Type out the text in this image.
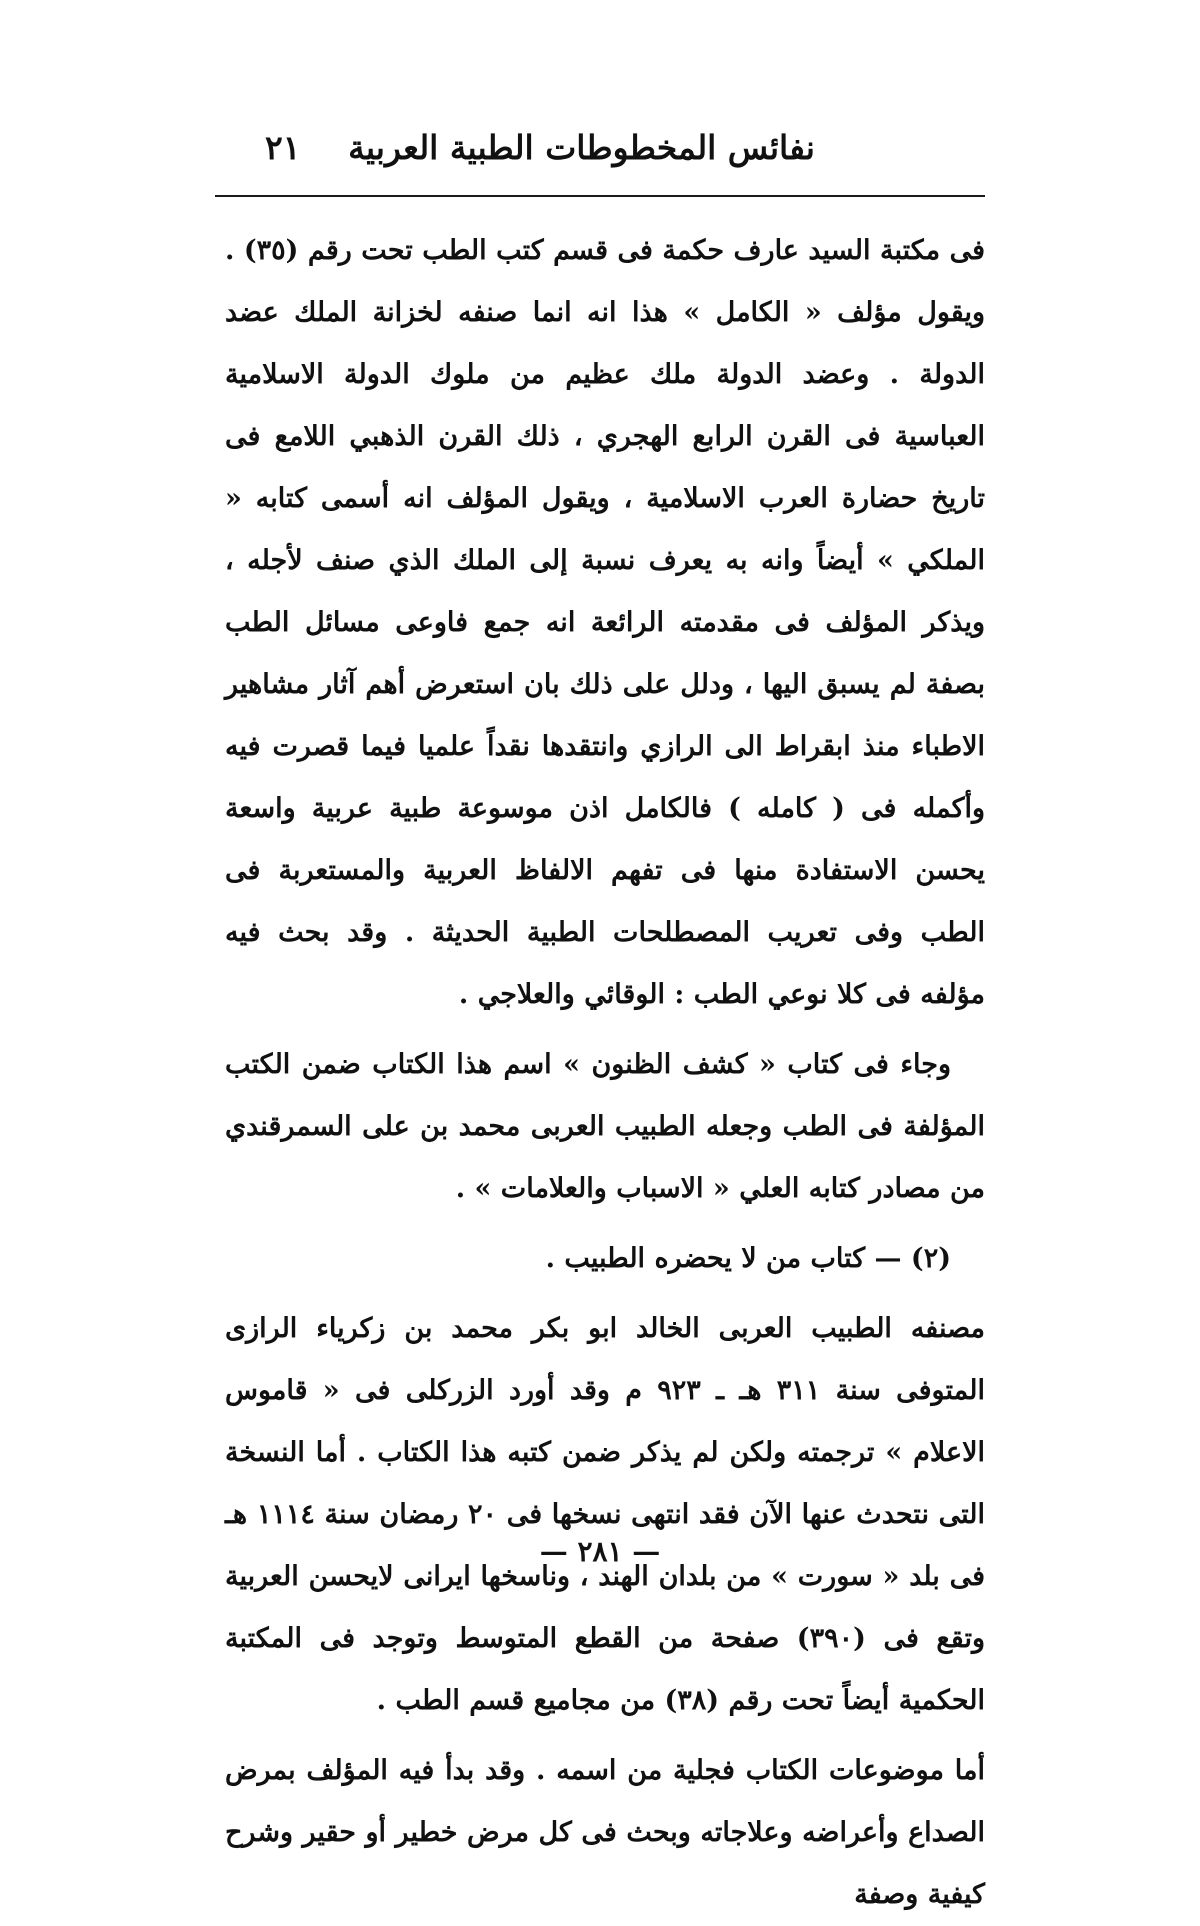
نفائس المخطوطات الطبية العربية
٢١

فى مكتبة السيد عارف حكمة فى قسم كتب الطب تحت رقم (٣٥) . ويقول مؤلف « الكامل » هذا انه انما صنفه لخزانة الملك عضد الدولة . وعضد الدولة ملك عظيم من ملوك الدولة الاسلامية العباسية فى القرن الرابع الهجري ، ذلك القرن الذهبي اللامع فى تاريخ حضارة العرب الاسلامية ، ويقول المؤلف انه أسمى كتابه « الملكي » أيضاً وانه به يعرف نسبة إلى الملك الذي صنف لأجله ، ويذكر المؤلف فى مقدمته الرائعة انه جمع فاوعى مسائل الطب بصفة لم يسبق اليها ، ودلل على ذلك بان استعرض أهم آثار مشاهير الاطباء منذ ابقراط الى الرازي وانتقدها نقداً علميا فيما قصرت فيه وأكمله فى ( كامله ) فالكامل اذن موسوعة طبية عربية واسعة يحسن الاستفادة منها فى تفهم الالفاظ العربية والمستعربة فى الطب وفى تعريب المصطلحات الطبية الحديثة . وقد بحث فيه مؤلفه فى كلا نوعي الطب : الوقائي والعلاجي .

وجاء فى كتاب « كشف الظنون » اسم هذا الكتاب ضمن الكتب المؤلفة فى الطب وجعله الطبيب العربى محمد بن على السمرقندي من مصادر كتابه العلي « الاسباب والعلامات » .

(٢) — كتاب من لا يحضره الطبيب .

مصنفه الطبيب العربى الخالد ابو بكر محمد بن زكرياء الرازى المتوفى سنة ٣١١ هـ ـ ٩٢٣ م وقد أورد الزركلى فى « قاموس الاعلام » ترجمته ولكن لم يذكر ضمن كتبه هذا الكتاب . أما النسخة التى نتحدث عنها الآن فقد انتهى نسخها فى ٢٠ رمضان سنة ١١١٤ هـ فى بلد « سورت » من بلدان الهند ، وناسخها ايرانى لايحسن العربية وتقع فى (٣٩٠) صفحة من القطع المتوسط وتوجد فى المكتبة الحكمية أيضاً تحت رقم (٣٨) من مجاميع قسم الطب .

أما موضوعات الكتاب فجلية من اسمه . وقد بدأ فيه المؤلف بمرض الصداع وأعراضه وعلاجاته وبحث فى كل مرض خطير أو حقير وشرح كيفية وصفة

— ٢٨١ —
